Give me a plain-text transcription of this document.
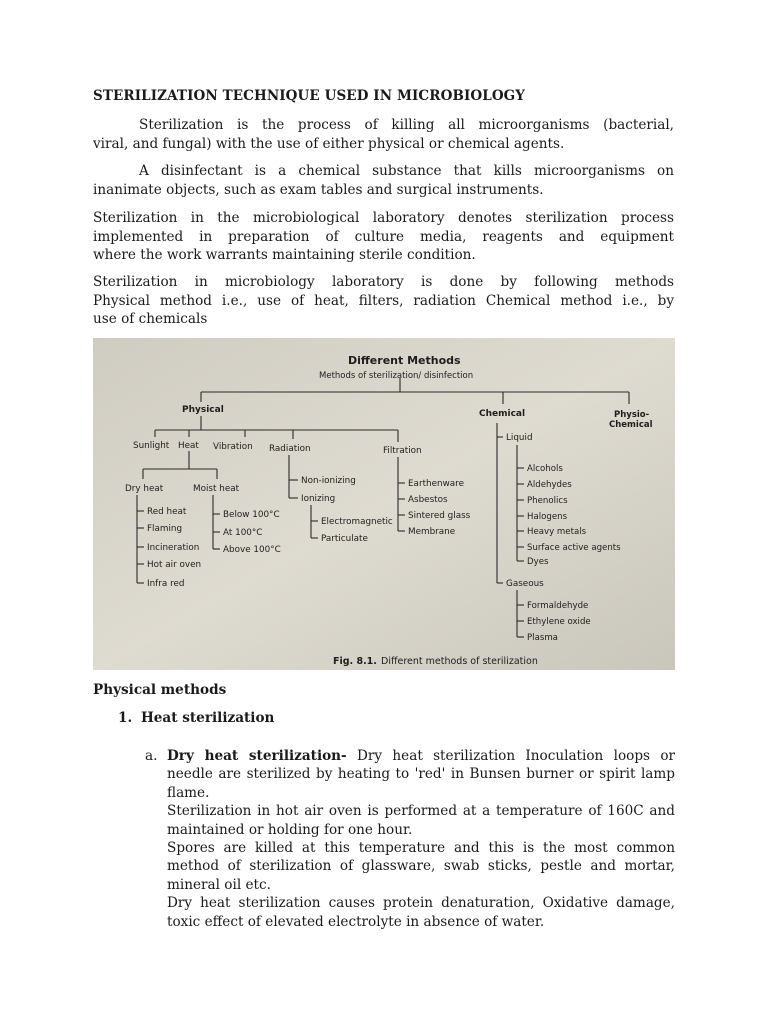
STERILIZATION TECHNIQUE USED IN MICROBIOLOGY

Sterilization is the process of killing all microorganisms (bacterial,
viral, and fungal) with the use of either physical or chemical agents.

A disinfectant is a chemical substance that kills microorganisms on
inanimate objects, such as exam tables and surgical instruments.

Sterilization in the microbiological laboratory denotes sterilization process
implemented in preparation of culture media, reagents and equipment
where the work warrants maintaining sterile condition.

Sterilization in microbiology laboratory is done by following methods
Physical method i.e., use of heat, filters, radiation Chemical method i.e., by
use of chemicals

Different Methods
Methods of sterilization/ disinfection
Physical	Chemical	Physio-
Chemical
Sunlight Heat Vibration Radiation	Filtration
Dry heat	Moist heat
Red heat
Flaming
Incineration
Hot air oven
Infra red
Below 100°C
At 100°C
Above 100°C
Non-ionizing
Ionizing
Electromagnetic
Particulate
Earthenware
Asbestos
Sintered glass
Membrane
Liquid
Alcohols
Aldehydes
Phenolics
Halogens
Heavy metals
Surface active agents
Dyes
Gaseous
Formaldehyde
Ethylene oxide
Plasma
Fig. 8.1. Different methods of sterilization
Physical methods
1. Heat sterilization
a. Dry heat sterilization- Dry heat sterilization Inoculation loops or needle are sterilized by heating to 'red' in Bunsen burner or spirit lamp flame.

Sterilization in hot air oven is performed at a temperature of 160C and maintained or holding for one hour.

Spores are killed at this temperature and this is the most common method of sterilization of glassware, swab sticks, pestle and mortar, mineral oil etc.

Dry heat sterilization causes protein denaturation, Oxidative damage, toxic effect of elevated electrolyte in absence of water.
